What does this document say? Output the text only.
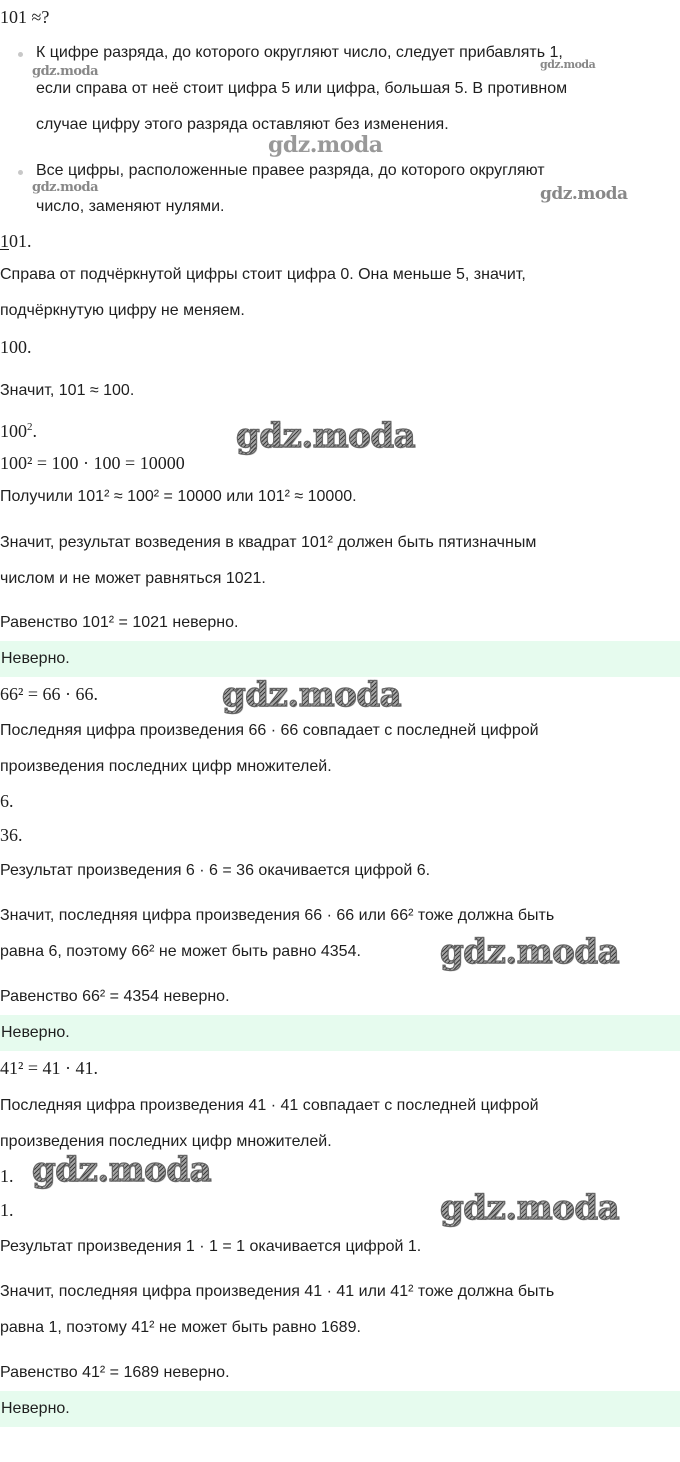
101 ≈?
К цифре разряда, до которого округляют число, следует прибавлять 1,
если справа от неё стоит цифра 5 или цифра, большая 5. В противном
случае цифру этого разряда оставляют без изменения.
Все цифры, расположенные правее разряда, до которого округляют
число, заменяют нулями.
101.
Справа от подчёркнутой цифры стоит цифра 0. Она меньше 5, значит,
подчёркнутую цифру не меняем.
100.
Значит, 101 ≈ 100.
$100^2$.
100² = 100 · 100 = 10000
Получили 101² ≈ 100² = 10000 или 101² ≈ 10000.
Значит, результат возведения в квадрат 101² должен быть пятизначным
числом и не может равняться 1021.
Равенство 101² = 1021 неверно.
Неверно.
66² = 66 · 66.
Последняя цифра произведения 66 · 66 совпадает с последней цифрой
произведения последних цифр множителей.
6.
36.
Результат произведения 6 · 6 = 36 окачивается цифрой 6.
Значит, последняя цифра произведения 66 · 66 или 66² тоже должна быть
равна 6, поэтому 66² не может быть равно 4354.
Равенство 66² = 4354 неверно.
Неверно.
41² = 41 · 41.
Последняя цифра произведения 41 · 41 совпадает с последней цифрой
произведения последних цифр множителей.
1.
1.
Результат произведения 1 · 1 = 1 окачивается цифрой 1.
Значит, последняя цифра произведения 41 · 41 или 41² тоже должна быть
равна 1, поэтому 41² не может быть равно 1689.
Равенство 41² = 1689 неверно.
Неверно.
gdz.moda	gdz.moda
gdz.moda
gdz.moda	gdz.moda
gdz.moda
gdz.moda
gdz.moda
gdz.moda
gdz.moda
